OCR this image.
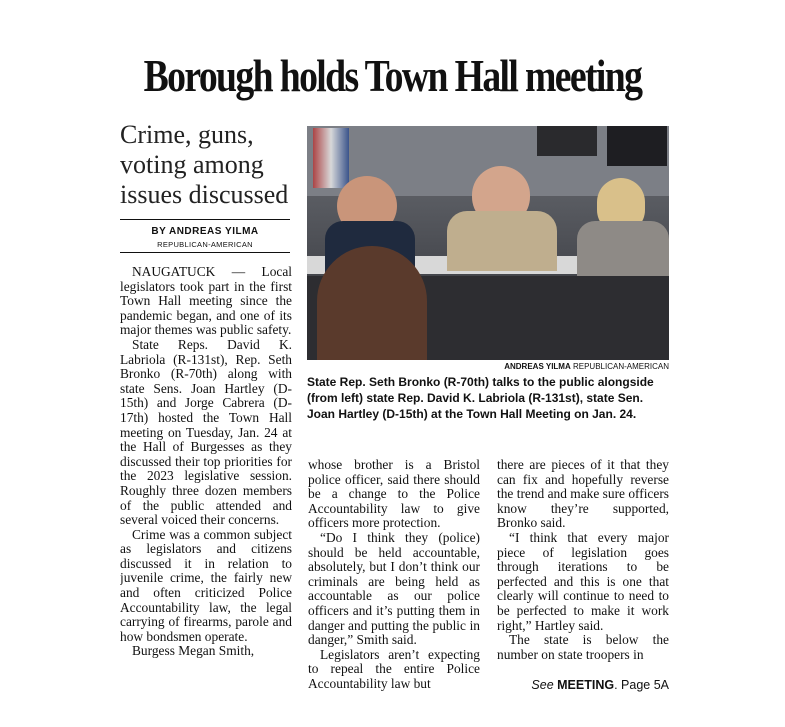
Borough holds Town Hall meeting
Crime, guns, voting among issues discussed
BY ANDREAS YILMA
REPUBLICAN-AMERICAN
ANDREAS YILMA REPUBLICAN-AMERICAN
State Rep. Seth Bronko (R-70th) talks to the public alongside (from left) state Rep. David K. Labriola (R-131st), state Sen. Joan Hartley (D-15th) at the Town Hall Meeting on Jan. 24.

NAUGATUCK — Local legislators took part in the first Town Hall meeting since the pandemic began, and one of its major themes was public safety.

State Reps. David K. Labriola (R-131st), Rep. Seth Bronko (R-70th) along with state Sens. Joan Hartley (D-15th) and Jorge Cabrera (D-17th) hosted the Town Hall meeting on Tuesday, Jan. 24 at the Hall of Burgesses as they discussed their top priorities for the 2023 legislative session. Roughly three dozen members of the public attended and several voiced their concerns.

Crime was a common subject as legislators and citizens discussed it in relation to juvenile crime, the fairly new and often criticized Police Accountability law, the legal carrying of firearms, parole and how bondsmen operate.

Burgess Megan Smith,

whose brother is a Bristol police officer, said there should be a change to the Police Accountability law to give officers more protection.

“Do I think they (police) should be held accountable, absolutely, but I don’t think our criminals are being held as accountable as our police officers and it’s putting them in danger and putting the public in danger,” Smith said.

Legislators aren’t expecting to repeal the entire Police Accountability law but

there are pieces of it that they can fix and hopefully reverse the trend and make sure officers know they’re supported, Bronko said.

“I think that every major piece of legislation goes through iterations to be perfected and this is one that clearly will continue to need to be perfected to make it work right,” Hartley said.

The state is below the number on state troopers in

See MEETING. Page 5A
